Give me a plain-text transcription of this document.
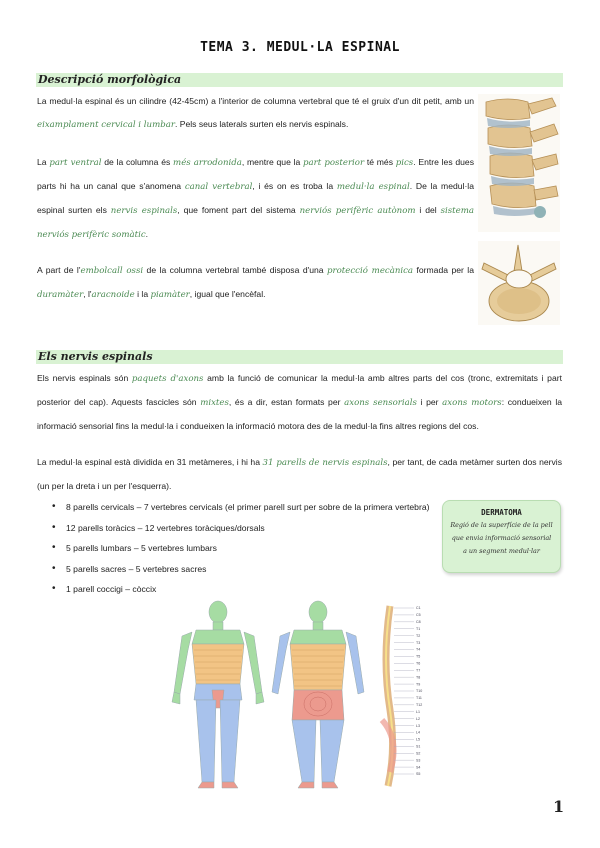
TEMA 3. MEDUL·LA ESPINAL
Descripció morfològica
La medul·la espinal és un cilindre (42-45cm) a l'interior de columna vertebral que té el gruix d'un dit petit, amb un eixamplament cervical i lumbar. Pels seus laterals surten els nervis espinals.
La part ventral de la columna és més arrodonida, mentre que la part posterior té més pics. Entre les dues parts hi ha un canal que s'anomena canal vertebral, i és on es troba la medul·la espinal. De la medul·la espinal surten els nervis espinals, que foment part del sistema nerviós perifèric autònom i del sistema nerviós perifèric somàtic.
A part de l'embolcall ossi de la columna vertebral també disposa d'una protecció mecànica formada per la duramàter, l'aracnoide i la piamàter, igual que l'encèfal.
Els nervis espinals
Els nervis espinals són paquets d'axons amb la funció de comunicar la medul·la amb altres parts del cos (tronc, extremitats i part posterior del cap). Aquests fascicles són mixtes, és a dir, estan formats per axons sensorials i per axons motors: condueixen la informació sensorial fins la medul·la i condueixen la informació motora des de la medul·la fins altres regions del cos.
La medul·la espinal està dividida en 31 metàmeres, i hi ha 31 parells de nervis espinals, per tant, de cada metàmer surten dos nervis (un per la dreta i un per l'esquerra).
• 8 parells cervicals – 7 vertebres cervicals (el primer parell surt per sobre de la primera vertebra)
• 12 parells toràcics – 12 vertebres toràciques/dorsals
• 5 parells lumbars – 5 vertebres lumbars
• 5 parells sacres – 5 vertebres sacres
• 1 parell coccigi – còccix
DERMATOMA
Regió de la superfície de la pell
que envia informació sensorial
a un segment medul·lar
C1
C5
C8
T1
T2
T3
T4
T5
T6
T7
T8
T9
T10
T11
T12
L1
L2
L3
L4
L5
S1
S2
S3
S4
S5
1
